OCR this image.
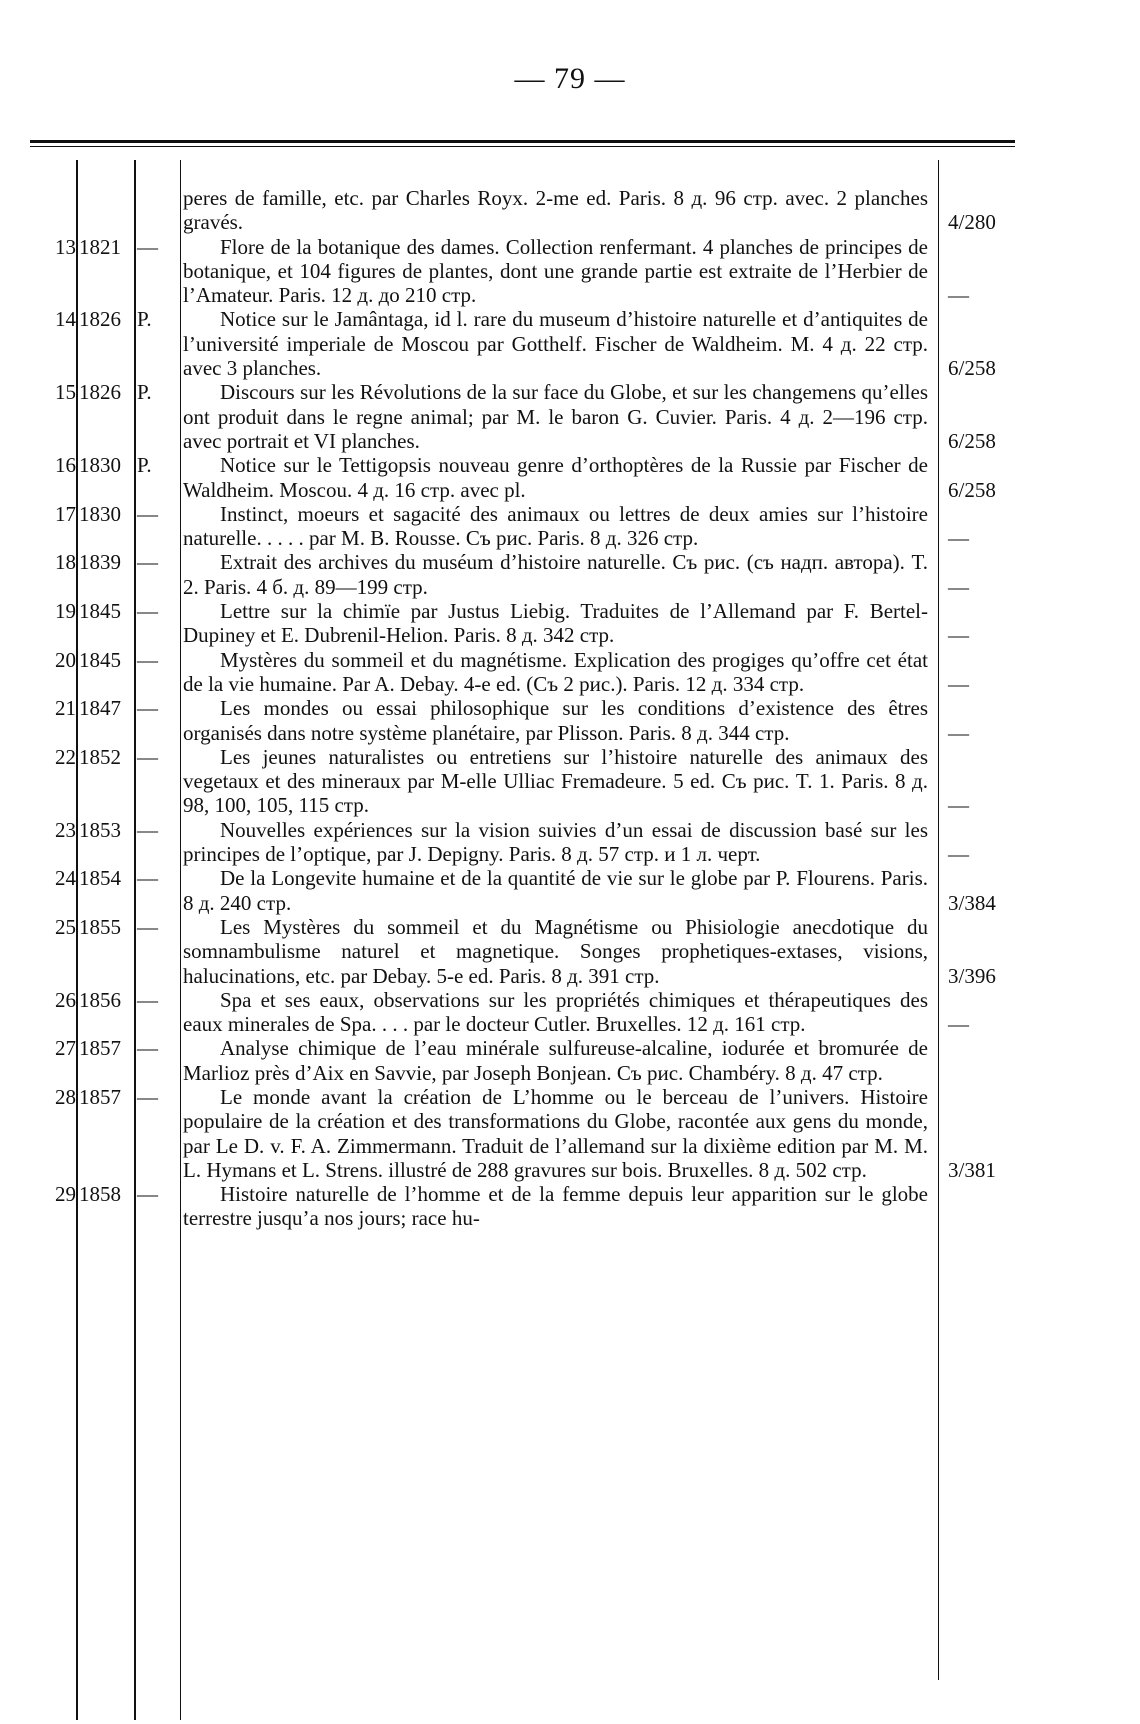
— 79 —
peres de famille, etc. par Charles Royx. 2-me ed. Paris. 8 д. 96 стр. avec. 2 planches gravés.	4/280
13 1821 —	Flore de la botanique des dames. Collection renfermant. 4 planches de principes de botanique, et 104 figures de plantes, dont une grande partie est extraite de l’Herbier de l’Amateur. Paris. 12 д. до 210 стр.	—
14 1826 P.	Notice sur le Jamântaga, id l. rare du museum d’histoire naturelle et d’antiquites de l’université imperiale de Moscou par Gotthelf. Fischer de Waldheim. M. 4 д. 22 стр. avec 3 planches.	6/258
15 1826 P.	Discours sur les Révolutions de la sur face du Globe, et sur les changemens qu’elles ont produit dans le regne animal; par M. le baron G. Cuvier. Paris. 4 д. 2—196 стр. avec portrait et VI planches.	6/258
16 1830 P.	Notice sur le Tettigopsis nouveau genre d’orthoptères de la Russie par Fischer de Waldheim. Moscou. 4 д. 16 стр. avec pl.	6/258
17 1830 —	Instinct, moeurs et sagacité des animaux ou lettres de deux amies sur l’histoire naturelle. . . . . par M. B. Rousse. Съ рис. Paris. 8 д. 326 стр.	—
18 1839 —	Extrait des archives du muséum d’histoire naturelle. Съ рис. (съ надп. автора). T. 2. Paris. 4 б. д. 89—199 стр.	—
19 1845 —	Lettre sur la chimïe par Justus Liebig. Traduites de l’Allemand par F. Bertel-Dupiney et E. Dubrenil-Helion. Paris. 8 д. 342 стр.	—
20 1845 —	Mystères du sommeil et du magnétisme. Explication des progiges qu’offre cet état de la vie humaine. Par A. Debay. 4-e ed. (Съ 2 рис.). Paris. 12 д. 334 стр.	—
21 1847 —	Les mondes ou essai philosophique sur les conditions d’existence des êtres organisés dans notre système planétaire, par Plisson. Paris. 8 д. 344 стр.	—
22 1852 —	Les jeunes naturalistes ou entretiens sur l’histoire naturelle des animaux des vegetaux et des mineraux par M-elle Ulliac Fremadeure. 5 ed. Съ рис. T. 1. Paris. 8 д. 98, 100, 105, 115 стр.	—
23 1853 —	Nouvelles expériences sur la vision suivies d’un essai de discussion basé sur les principes de l’optique, par J. Depigny. Paris. 8 д. 57 стр. и 1 л. черт.	—
24 1854 —	De la Longevite humaine et de la quantité de vie sur le globe par P. Flourens. Paris. 8 д. 240 стр.	3/384
25 1855 —	Les Mystères du sommeil et du Magnétisme ou Phisiologie anecdotique du somnambulisme naturel et magnetique. Songes prophetiques-extases, visions, halucinations, etc. par Debay. 5-e ed. Paris. 8 д. 391 стр.	3/396
26 1856 —	Spa et ses eaux, observations sur les propriétés chimiques et thérapeutiques des eaux minerales de Spa. . . . par le docteur Cutler. Bruxelles. 12 д. 161 стр.	—
27 1857 —	Analyse chimique de l’eau minérale sulfureuse-alcaline, iodurée et bromurée de Marlioz près d’Aix en Savvie, par Joseph Bonjean. Съ рис. Chambéry. 8 д. 47 стр.
28 1857 —	Le monde avant la création de L’homme ou le berceau de l’univers. Histoire populaire de la création et des transformations du Globe, racontée aux gens du monde, par Le D. v. F. A. Zimmermann. Traduit de l’allemand sur la dixième edition par M. M. L. Hymans et L. Strens. illustré de 288 gravures sur bois. Bruxelles. 8 д. 502 стр.	3/381
29 1858 —	Histoire naturelle de l’homme et de la femme depuis leur apparition sur le globe terrestre jusqu’a nos jours; race hu-
